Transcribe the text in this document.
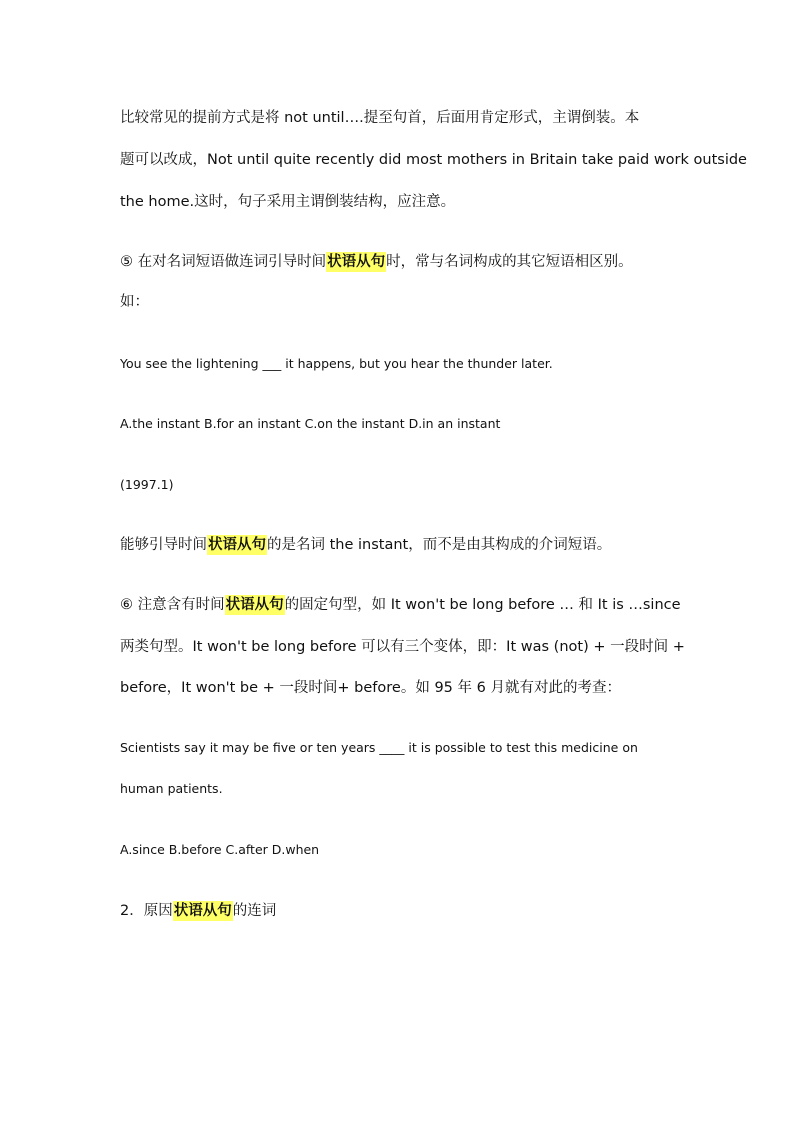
比较常见的提前方式是将 not until….提至句首，后面用肯定形式，主谓倒装。本
题可以改成，Not until quite recently did most mothers in Britain take paid work outside
the home.这时，句子采用主谓倒装结构，应注意。
⑤ 在对名词短语做连词引导时间状语从句时，常与名词构成的其它短语相区别。
如：
You see the lightening ___ it happens, but you hear the thunder later.
A.the instant B.for an instant C.on the instant D.in an instant
(1997.1)
能够引导时间状语从句的是名词 the instant，而不是由其构成的介词短语。
⑥ 注意含有时间状语从句的固定句型，如 It won't be long before … 和 It is …since
两类句型。It won't be long before 可以有三个变体，即：It was (not) + 一段时间 +
before，It won't be + 一段时间+ before。如 95 年 6 月就有对此的考查：
Scientists say it may be five or ten years ____ it is possible to test this medicine on
human patients.
A.since B.before C.after D.when
2．原因状语从句的连词
